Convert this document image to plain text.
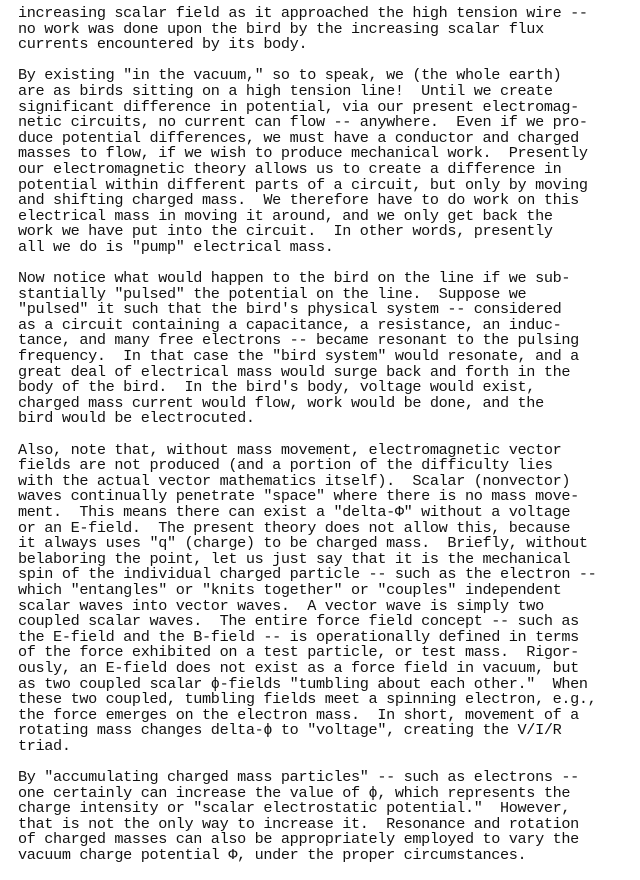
increasing scalar field as it approached the high tension wire --
no work was done upon the bird by the increasing scalar flux
currents encountered by its body.

By existing "in the vacuum," so to speak, we (the whole earth)
are as birds sitting on a high tension line!  Until we create
significant difference in potential, via our present electromag-
netic circuits, no current can flow -- anywhere.  Even if we pro-
duce potential differences, we must have a conductor and charged
masses to flow, if we wish to produce mechanical work.  Presently
our electromagnetic theory allows us to create a difference in
potential within different parts of a circuit, but only by moving
and shifting charged mass.  We therefore have to do work on this
electrical mass in moving it around, and we only get back the
work we have put into the circuit.  In other words, presently
all we do is "pump" electrical mass.

Now notice what would happen to the bird on the line if we sub-
stantially "pulsed" the potential on the line.  Suppose we
"pulsed" it such that the bird's physical system -- considered
as a circuit containing a capacitance, a resistance, an induc-
tance, and many free electrons -- became resonant to the pulsing
frequency.  In that case the "bird system" would resonate, and a
great deal of electrical mass would surge back and forth in the
body of the bird.  In the bird's body, voltage would exist,
charged mass current would flow, work would be done, and the
bird would be electrocuted.

Also, note that, without mass movement, electromagnetic vector
fields are not produced (and a portion of the difficulty lies
with the actual vector mathematics itself).  Scalar (nonvector)
waves continually penetrate "space" where there is no mass move-
ment.  This means there can exist a "delta-Φ" without a voltage
or an E-field.  The present theory does not allow this, because
it always uses "q" (charge) to be charged mass.  Briefly, without
belaboring the point, let us just say that it is the mechanical
spin of the individual charged particle -- such as the electron --
which "entangles" or "knits together" or "couples" independent
scalar waves into vector waves.  A vector wave is simply two
coupled scalar waves.  The entire force field concept -- such as
the E-field and the B-field -- is operationally defined in terms
of the force exhibited on a test particle, or test mass.  Rigor-
ously, an E-field does not exist as a force field in vacuum, but
as two coupled scalar ϕ-fields "tumbling about each other."  When
these two coupled, tumbling fields meet a spinning electron, e.g.,
the force emerges on the electron mass.  In short, movement of a
rotating mass changes delta-ϕ to "voltage", creating the V/I/R
triad.

By "accumulating charged mass particles" -- such as electrons --
one certainly can increase the value of ϕ, which represents the
charge intensity or "scalar electrostatic potential."  However,
that is not the only way to increase it.  Resonance and rotation
of charged masses can also be appropriately employed to vary the
vacuum charge potential Φ, under the proper circumstances.
